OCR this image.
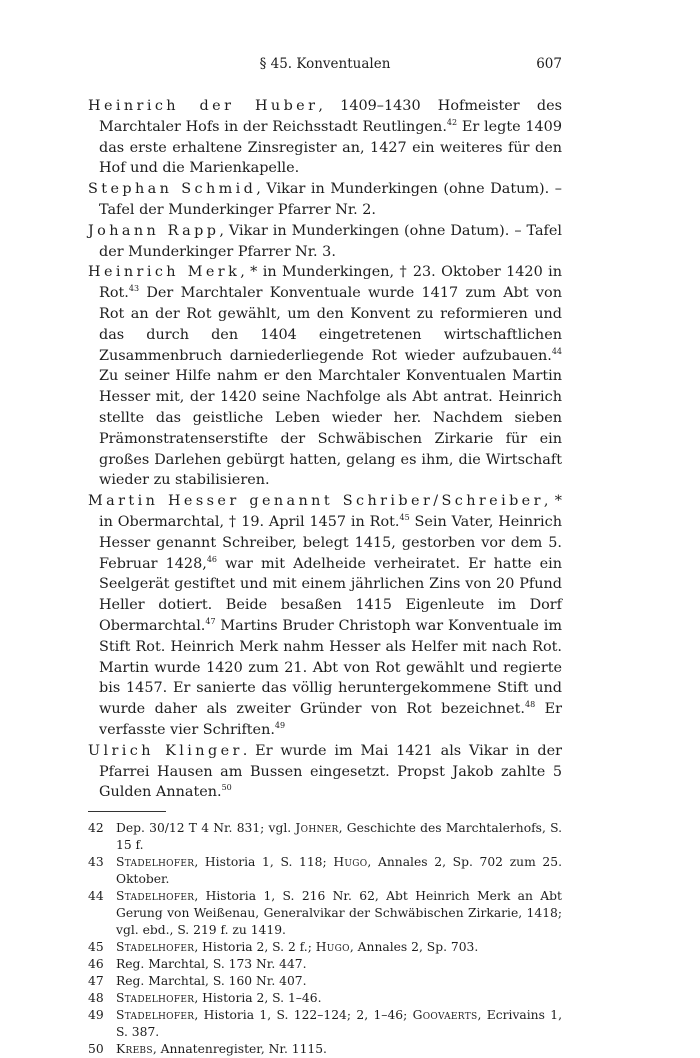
§ 45. Konventualen	607

Heinrich der Huber, 1409–1430 Hofmeister des Marchtaler Hofs in der Reichsstadt Reutlingen.$^{42}$ Er legte 1409 das erste erhaltene Zinsregister an, 1427 ein weiteres für den Hof und die Marienkapelle.

Stephan Schmid, Vikar in Munderkingen (ohne Datum). – Tafel der Munderkinger Pfarrer Nr. 2.

Johann Rapp, Vikar in Munderkingen (ohne Datum). – Tafel der Munderkinger Pfarrer Nr. 3.

Heinrich Merk, * in Munderkingen, † 23. Oktober 1420 in Rot.$^{43}$ Der Marchtaler Konventuale wurde 1417 zum Abt von Rot an der Rot gewählt, um den Konvent zu reformieren und das durch den 1404 eingetretenen wirtschaftlichen Zusammenbruch darniederliegende Rot wieder aufzubauen.$^{44}$ Zu seiner Hilfe nahm er den Marchtaler Konventualen Martin Hesser mit, der 1420 seine Nachfolge als Abt antrat. Heinrich stellte das geistliche Leben wieder her. Nachdem sieben Prämonstratenserstifte der Schwäbischen Zirkarie für ein großes Darlehen gebürgt hatten, gelang es ihm, die Wirtschaft wieder zu stabilisieren.

Martin Hesser genannt Schriber/Schreiber, * in Obermarchtal, † 19. April 1457 in Rot.$^{45}$ Sein Vater, Heinrich Hesser genannt Schreiber, belegt 1415, gestorben vor dem 5. Februar 1428,46 war mit Adelheide verheiratet. Er hatte ein Seelgerät gestiftet und mit einem jährlichen Zins von 20 Pfund Heller dotiert. Beide besaßen 1415 Eigenleute im Dorf Obermarchtal.$^{47}$ Martins Bruder Christoph war Konventuale im Stift Rot. Heinrich Merk nahm Hesser als Helfer mit nach Rot. Martin wurde 1420 zum 21. Abt von Rot gewählt und regierte bis 1457. Er sanierte das völlig heruntergekommene Stift und wurde daher als zweiter Gründer von Rot bezeichnet.$^{48}$ Er verfasste vier Schriften.$^{49}$

Ulrich Klinger. Er wurde im Mai 1421 als Vikar in der Pfarrei Hausen am Bussen eingesetzt. Propst Jakob zahlte 5 Gulden Annaten.$^{50}$

42	Dep. 30/12 T 4 Nr. 831; vgl. Johner, Geschichte des Marchtalerhofs, S. 15 f.
43	Stadelhofer, Historia 1, S. 118; Hugo, Annales 2, Sp. 702 zum 25. Oktober.
44	Stadelhofer, Historia 1, S. 216 Nr. 62, Abt Heinrich Merk an Abt Gerung von Weißenau, Generalvikar der Schwäbischen Zirkarie, 1418; vgl. ebd., S. 219 f. zu 1419.
45	Stadelhofer, Historia 2, S. 2 f.; Hugo, Annales 2, Sp. 703.
46	Reg. Marchtal, S. 173 Nr. 447.
47	Reg. Marchtal, S. 160 Nr. 407.
48	Stadelhofer, Historia 2, S. 1–46.
49	Stadelhofer, Historia 1, S. 122–124; 2, 1–46; Goovaerts, Ecrivains 1, S. 387.
50	Krebs, Annatenregister, Nr. 1115.
